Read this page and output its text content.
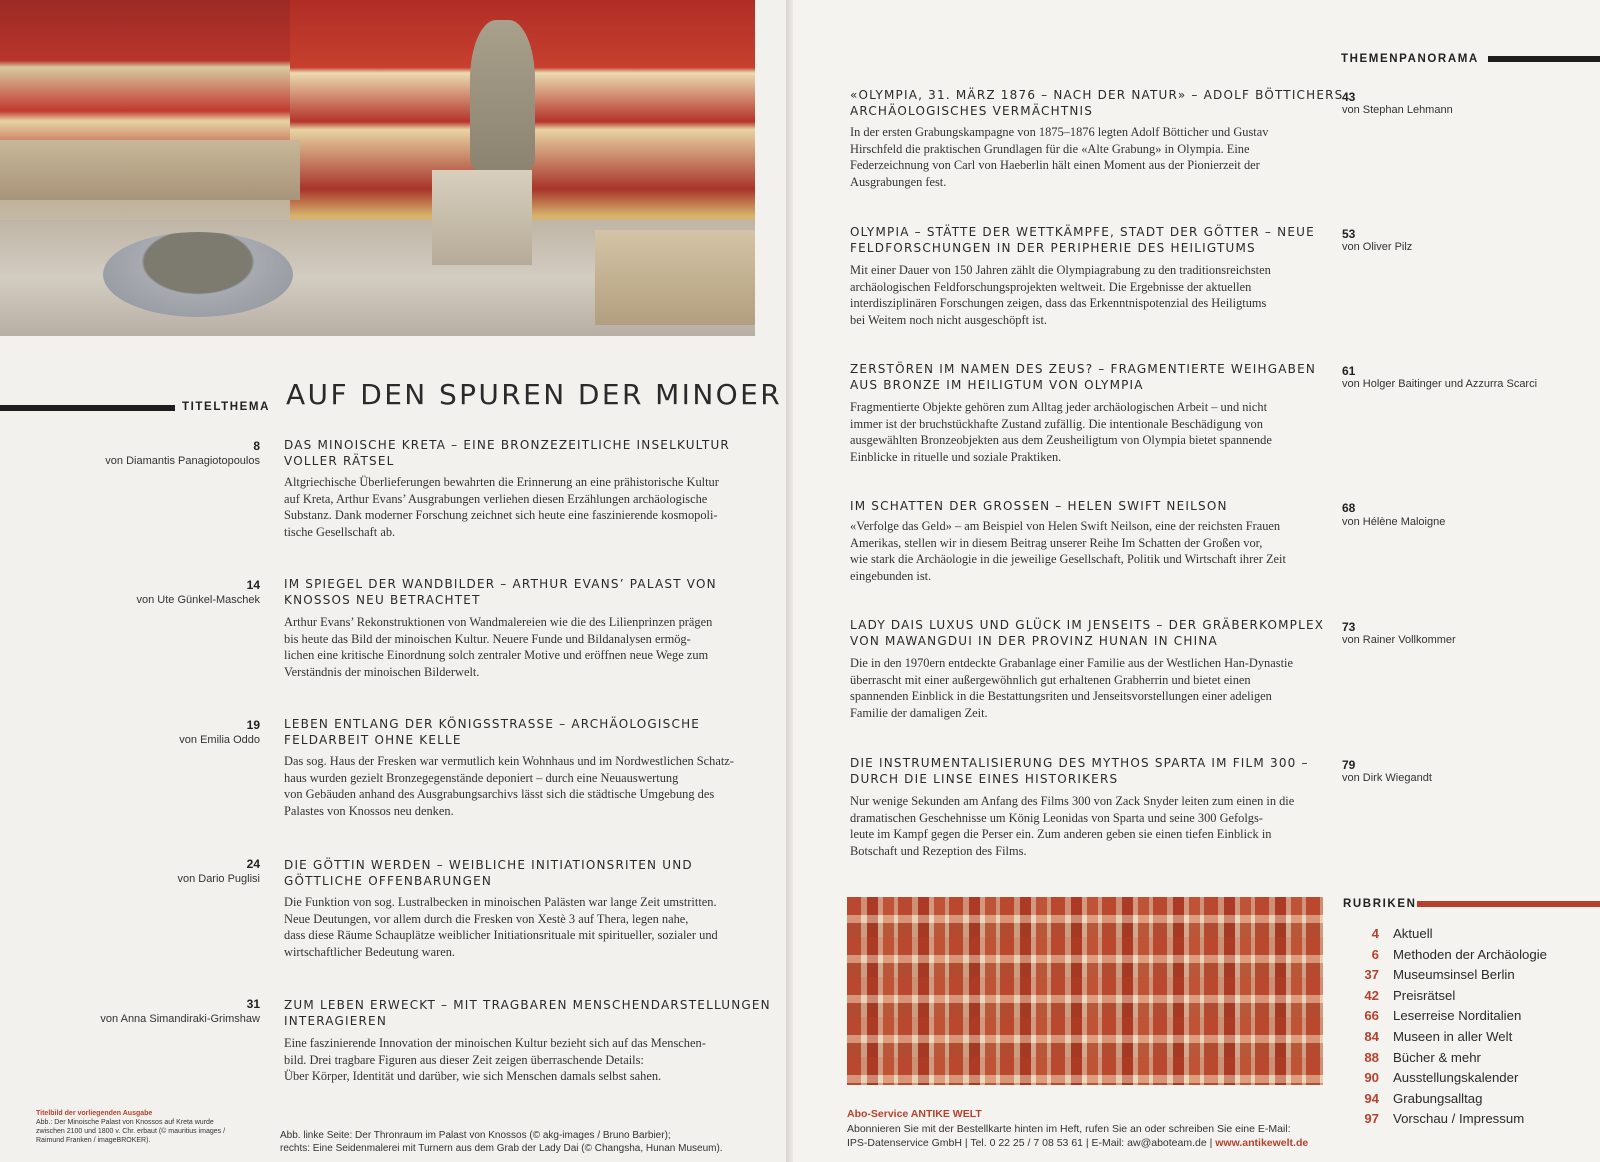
TITELTHEMA AUF DEN SPUREN DER MINOER
8
von Diamantis Panagiotopoulos
DAS MINOISCHE KRETA – EINE BRONZEZEITLICHE INSELKULTUR
VOLLER RÄTSEL
Altgriechische Überlieferungen bewahrten die Erinnerung an eine prähistorische Kultur
auf Kreta, Arthur Evans’ Ausgrabungen verliehen diesen Erzählungen archäologische
Substanz. Dank moderner Forschung zeichnet sich heute eine faszinierende kosmopoli-
tische Gesellschaft ab.
14
von Ute Günkel-Maschek
IM SPIEGEL DER WANDBILDER – ARTHUR EVANS’ PALAST VON
KNOSSOS NEU BETRACHTET
Arthur Evans’ Rekonstruktionen von Wandmalereien wie die des Lilienprinzen prägen
bis heute das Bild der minoischen Kultur. Neuere Funde und Bildanalysen ermög-
lichen eine kritische Einordnung solch zentraler Motive und eröffnen neue Wege zum
Verständnis der minoischen Bilderwelt.
19
von Emilia Oddo
LEBEN ENTLANG DER KÖNIGSSTRASSE – ARCHÄOLOGISCHE
FELDARBEIT OHNE KELLE
Das sog. Haus der Fresken war vermutlich kein Wohnhaus und im Nordwestlichen Schatz-
haus wurden gezielt Bronzegegenstände deponiert – durch eine Neuauswertung
von Gebäuden anhand des Ausgrabungsarchivs lässt sich die städtische Umgebung des
Palastes von Knossos neu denken.
24
von Dario Puglisi
DIE GÖTTIN WERDEN – WEIBLICHE INITIATIONSRITEN UND
GÖTTLICHE OFFENBARUNGEN
Die Funktion von sog. Lustralbecken in minoischen Palästen war lange Zeit umstritten.
Neue Deutungen, vor allem durch die Fresken von Xestè 3 auf Thera, legen nahe,
dass diese Räume Schauplätze weiblicher Initiationsrituale mit spiritueller, sozialer und
wirtschaftlicher Bedeutung waren.
31
von Anna Simandiraki-Grimshaw
ZUM LEBEN ERWECKT – MIT TRAGBAREN MENSCHENDARSTELLUNGEN
INTERAGIEREN
Eine faszinierende Innovation der minoischen Kultur bezieht sich auf das Menschen-
bild. Drei tragbare Figuren aus dieser Zeit zeigen überraschende Details:
Über Körper, Identität und darüber, wie sich Menschen damals selbst sahen.
Titelbild der vorliegenden Ausgabe
Abb.: Der Minoische Palast von Knossos auf Kreta wurde
zwischen 2100 und 1800 v. Chr. erbaut (© mauritius images /
Raimund Franken / imageBROKER).	Abb. linke Seite: Der Thronraum im Palast von Knossos (© akg-images / Bruno Barbier);
rechts: Eine Seidenmalerei mit Turnern aus dem Grab der Lady Dai (© Changsha, Hunan Museum).
THEMENPANORAMA
«OLYMPIA, 31. MÄRZ 1876 – NACH DER NATUR» – ADOLF BÖTTICHERS
ARCHÄOLOGISCHES VERMÄCHTNIS
In der ersten Grabungskampagne von 1875–1876 legten Adolf Bötticher und Gustav
Hirschfeld die praktischen Grundlagen für die «Alte Grabung» in Olympia. Eine
Federzeichnung von Carl von Haeberlin hält einen Moment aus der Pionierzeit der
Ausgrabungen fest.
43
von Stephan Lehmann
OLYMPIA – STÄTTE DER WETTKÄMPFE, STADT DER GÖTTER – NEUE
FELDFORSCHUNGEN IN DER PERIPHERIE DES HEILIGTUMS
Mit einer Dauer von 150 Jahren zählt die Olympiagrabung zu den traditionsreichsten
archäologischen Feldforschungsprojekten weltweit. Die Ergebnisse der aktuellen
interdisziplinären Forschungen zeigen, dass das Erkenntnispotenzial des Heiligtums
bei Weitem noch nicht ausgeschöpft ist.
53
von Oliver Pilz
ZERSTÖREN IM NAMEN DES ZEUS? – FRAGMENTIERTE WEIHGABEN
AUS BRONZE IM HEILIGTUM VON OLYMPIA
Fragmentierte Objekte gehören zum Alltag jeder archäologischen Arbeit – und nicht
immer ist der bruchstückhafte Zustand zufällig. Die intentionale Beschädigung von
ausgewählten Bronzeobjekten aus dem Zeusheiligtum von Olympia bietet spannende
Einblicke in rituelle und soziale Praktiken.
61
von Holger Baitinger und Azzurra Scarci
IM SCHATTEN DER GROSSEN – HELEN SWIFT NEILSON
«Verfolge das Geld» – am Beispiel von Helen Swift Neilson, eine der reichsten Frauen
Amerikas, stellen wir in diesem Beitrag unserer Reihe Im Schatten der Großen vor,
wie stark die Archäologie in die jeweilige Gesellschaft, Politik und Wirtschaft ihrer Zeit
eingebunden ist.
68
von Hélène Maloigne
LADY DAIS LUXUS UND GLÜCK IM JENSEITS – DER GRÄBERKOMPLEX
VON MAWANGDUI IN DER PROVINZ HUNAN IN CHINA
Die in den 1970ern entdeckte Grabanlage einer Familie aus der Westlichen Han-Dynastie
überrascht mit einer außergewöhnlich gut erhaltenen Grabherrin und bietet einen
spannenden Einblick in die Bestattungsriten und Jenseitsvorstellungen einer adeligen
Familie der damaligen Zeit.
73
von Rainer Vollkommer
DIE INSTRUMENTALISIERUNG DES MYTHOS SPARTA IM FILM 300 –
DURCH DIE LINSE EINES HISTORIKERS
Nur wenige Sekunden am Anfang des Films 300 von Zack Snyder leiten zum einen in die
dramatischen Geschehnisse um König Leonidas von Sparta und seine 300 Gefolgs-
leute im Kampf gegen die Perser ein. Zum anderen geben sie einen tiefen Einblick in
Botschaft und Rezeption des Films.
79
von Dirk Wiegandt
RUBRIKEN
4 Aktuell
6 Methoden der Archäologie
37 Museumsinsel Berlin
42 Preisrätsel
66 Leserreise Norditalien
84 Museen in aller Welt
88 Bücher & mehr
90 Ausstellungskalender
94 Grabungsalltag
97 Vorschau / Impressum
Abo-Service ANTIKE WELT
Abonnieren Sie mit der Bestellkarte hinten im Heft, rufen Sie an oder schreiben Sie eine E-Mail:
IPS-Datenservice GmbH | Tel. 0 22 25 / 7 08 53 61 | E-Mail: aw@aboteam.de | www.antikewelt.de
